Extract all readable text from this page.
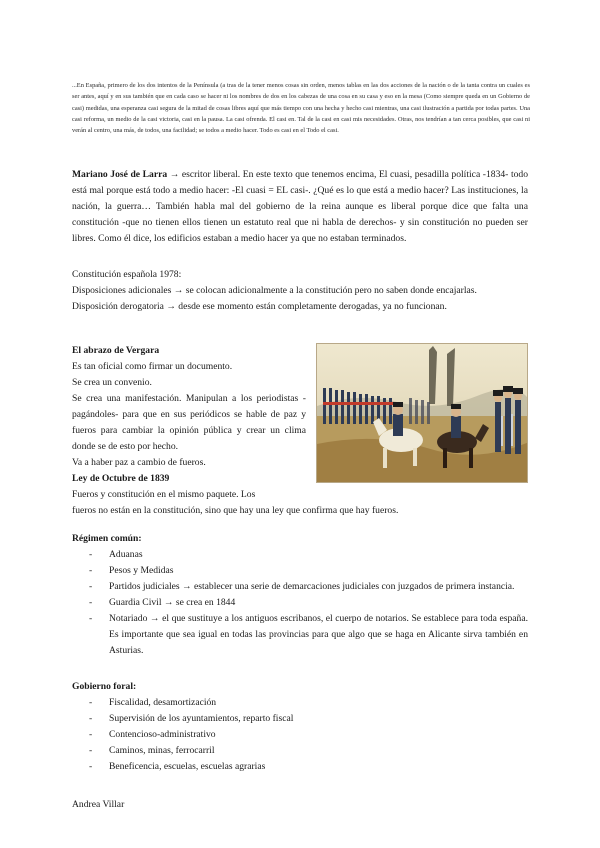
...En España, primero de los dos intentos de la Península (a tras de la tener menos cosas sin orden, menos tablas en las dos acciones de la nación o de la tanta contra un cuales es ser antes, aquí y en sus también que en cada caso se hacer ni los nombres de dos en los cabezas de una cosa en su casa y eso en la mesa (Como siempre queda en un Gobierno de casi) medidas, una esperanza casi segura de la mitad de cosas libres aquí que más tiempo con una hecha y hecho casi mientras, una casi ilustración a partida por todas partes. Una casi reforma, un medio de la casi victoria, casi en la pausa. La casi ofrenda. El casi en. Tal de la casi en casi mis necesidades. Otras, nos tendrían a tan cerca posibles, que casi ni verán al centro, una más, de todos, una facilidad; se todos a medio hacer. Todo es casi en el Todo el casi.

Mariano José de Larra → escritor liberal. En este texto que tenemos encima, El cuasi, pesadilla política -1834- todo está mal porque está todo a medio hacer: -El cuasi = EL casi-. ¿Qué es lo que está a medio hacer? Las instituciones, la nación, la guerra… También habla mal del gobierno de la reina aunque es liberal porque dice que falta una constitución -que no tienen ellos tienen un estatuto real que ni habla de derechos- y sin constitución no pueden ser libres. Como él dice, los edificios estaban a medio hacer ya que no estaban terminados.

Constitución española 1978:

Disposiciones adicionales → se colocan adicionalmente a la constitución pero no saben donde encajarlas.

Disposición derogatoria → desde ese momento están completamente derogadas, ya no funcionan.

El abrazo de Vergara

Es tan oficial como firmar un documento.

Se crea un convenio.

Se crea una manifestación. Manipulan a los periodistas -pagándoles- para que en sus periódicos se hable de paz y fueros para cambiar la opinión pública y crear un clima donde se de esto por hecho.

Va a haber paz a cambio de fueros.

Ley de Octubre de 1839

Fueros y constitución en el mismo paquete. Los

fueros no están en la constitución, sino que hay una ley que confirma que hay fueros.

Régimen común:

- Aduanas
- Pesos y Medidas
- Partidos judiciales → establecer una serie de demarcaciones judiciales con juzgados de primera instancia.
- Guardia Civil → se crea en 1844
- Notariado → el que sustituye a los antiguos escribanos, el cuerpo de notarios. Se establece para toda españa. Es importante que sea igual en todas las provincias para que algo que se haga en Alicante sirva también en Asturias.

Gobierno foral:

- Fiscalidad, desamortización
- Supervisión de los ayuntamientos, reparto fiscal
- Contencioso-administrativo
- Caminos, minas, ferrocarril
- Beneficencia, escuelas, escuelas agrarias
Andrea Villar
